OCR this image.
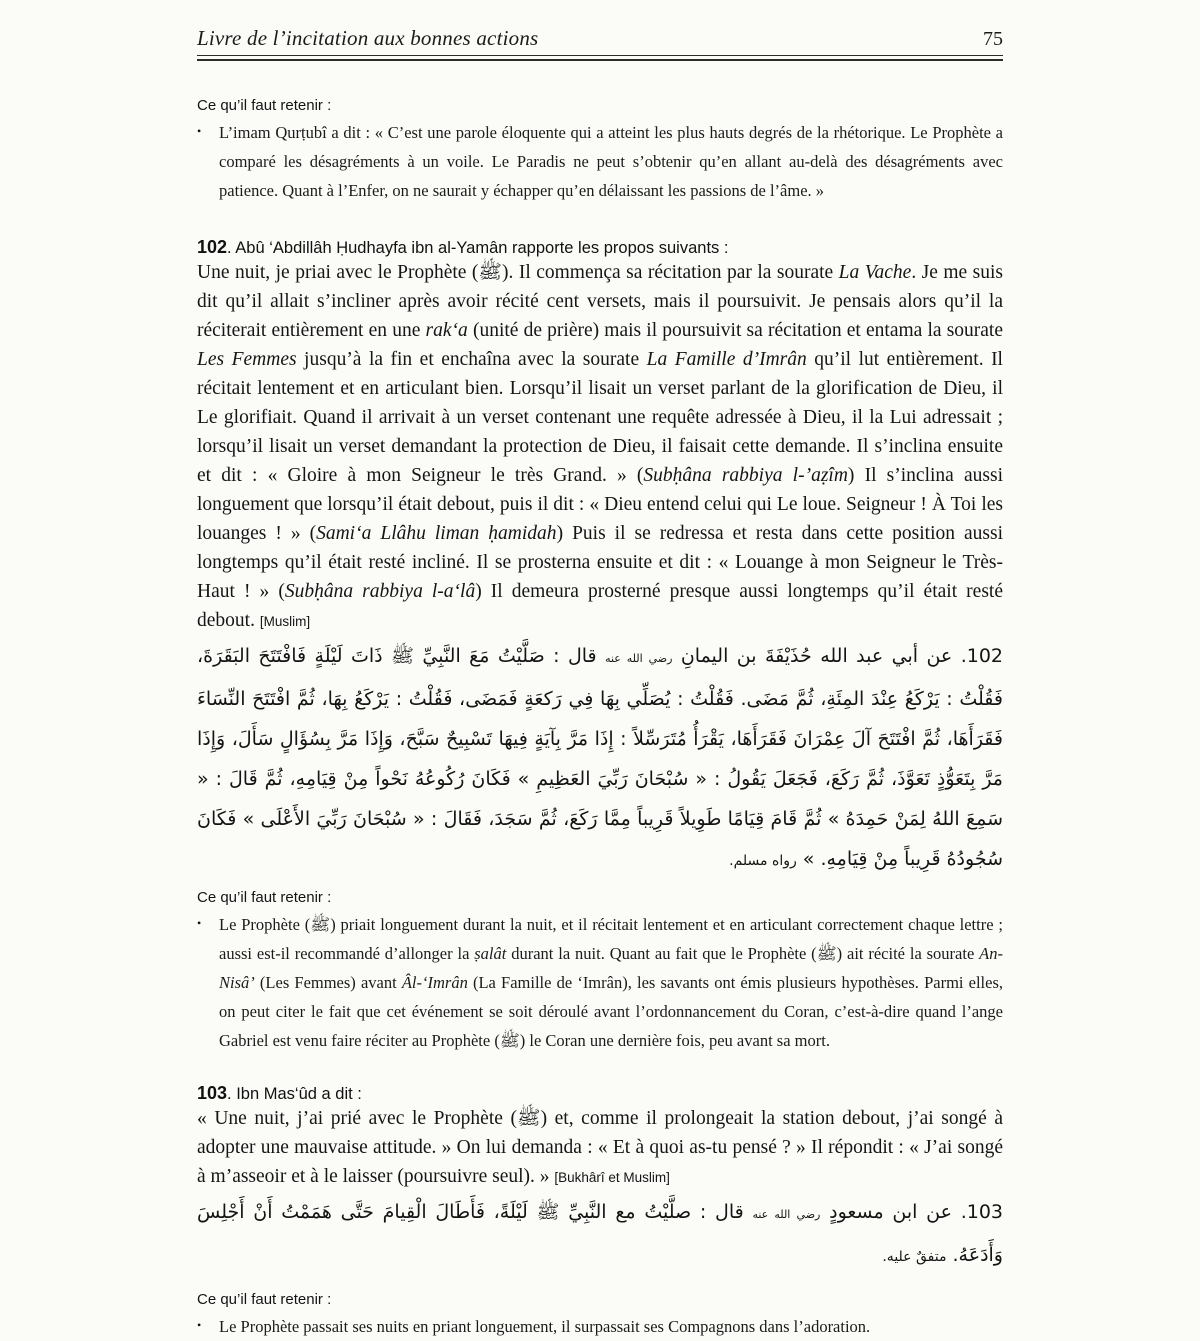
Livre de l’incitation aux bonnes actions	75
Ce qu’il faut retenir :
•	L’imam Qurṭubî a dit : « C’est une parole éloquente qui a atteint les plus hauts degrés de la rhétorique. Le Prophète a comparé les désagréments à un voile. Le Paradis ne peut s’obtenir qu’en allant au-delà des désagréments avec patience. Quant à l’Enfer, on ne saurait y échapper qu’en délaissant les passions de l’âme. »

102. Abû ‘Abdillâh Ḥudhayfa ibn al-Yamân rapporte les propos suivants :

Une nuit, je priai avec le Prophète (ﷺ). Il commença sa récitation par la sourate La Vache. Je me suis dit qu’il allait s’incliner après avoir récité cent versets, mais il poursuivit. Je pensais alors qu’il la réciterait entièrement en une rak‘a (unité de prière) mais il poursuivit sa récitation et entama la sourate Les Femmes jusqu’à la fin et enchaîna avec la sourate La Famille d’Imrân qu’il lut entièrement. Il récitait lentement et en articulant bien. Lorsqu’il lisait un verset parlant de la glorification de Dieu, il Le glorifiait. Quand il arrivait à un verset contenant une requête adressée à Dieu, il la Lui adressait ; lorsqu’il lisait un verset demandant la protection de Dieu, il faisait cette demande. Il s’inclina ensuite et dit : « Gloire à mon Seigneur le très Grand. » (Subḥâna rabbiya l-’aẓîm) Il s’inclina aussi longuement que lorsqu’il était debout, puis il dit : « Dieu entend celui qui Le loue. Seigneur ! À Toi les louanges ! » (Sami‘a Llâhu liman ḥamidah) Puis il se redressa et resta dans cette position aussi longtemps qu’il était resté incliné. Il se prosterna ensuite et dit : « Louange à mon Seigneur le Très-Haut ! » (Subḥâna rabbiya l-a‘lâ) Il demeura prosterné presque aussi longtemps qu’il était resté debout. [Muslim]

102. عن أبي عبد الله حُذَيْفَةَ بن اليمانِ رضي الله عنه قال : صَلَّيْتُ مَعَ النَّبِيِّ ﷺ ذَاتَ لَيْلَةٍ فَافْتَتَحَ البَقَرَةَ، فَقُلْتُ : يَرْكَعُ عِنْدَ المِئَةِ، ثُمَّ مَضَى. فَقُلْتُ : يُصَلِّي بِهَا فِي رَكعَةٍ فَمَضَى، فَقُلْتُ : يَرْكَعُ بِهَا، ثُمَّ افْتَتَحَ النِّسَاءَ فَقَرَأَهَا، ثُمَّ افْتَتَحَ آلَ عِمْرَانَ فَقَرَأَهَا، يَقْرَأُ مُتَرَسِّلاً : إِذَا مَرَّ بِآيَةٍ فِيهَا تَسْبِيحٌ سَبَّحَ، وَإِذَا مَرَّ بِسُؤَالٍ سَأَلَ، وَإِذَا مَرَّ بِتَعَوُّذٍ تَعَوَّذَ، ثُمَّ رَكَعَ، فَجَعَلَ يَقُولُ : « سُبْحَانَ رَبِّيَ العَظِيمِ » فَكَانَ رُكُوعُهُ نَحْواً مِنْ قِيَامِهِ، ثُمَّ قَالَ : « سَمِعَ اللهُ لِمَنْ حَمِدَهُ » ثُمَّ قَامَ قِيَامًا طَوِيلاً قَرِيباً مِمَّا رَكَعَ، ثُمَّ سَجَدَ، فَقَالَ : « سُبْحَانَ رَبِّيَ الأَعْلَى » فَكَانَ سُجُودُهُ قَرِيباً مِنْ قِيَامِهِ. » رواه مسلم.

Ce qu’il faut retenir :
•	Le Prophète (ﷺ) priait longuement durant la nuit, et il récitait lentement et en articulant correctement chaque lettre ; aussi est-il recommandé d’allonger la ṣalât durant la nuit. Quant au fait que le Prophète (ﷺ) ait récité la sourate An-Nisâ’ (Les Femmes) avant Âl-‘Imrân (La Famille de ‘Imrân), les savants ont émis plusieurs hypothèses. Parmi elles, on peut citer le fait que cet événement se soit déroulé avant l’ordonnancement du Coran, c’est-à-dire quand l’ange Gabriel est venu faire réciter au Prophète (ﷺ) le Coran une dernière fois, peu avant sa mort.

103. Ibn Mas‘ûd a dit :

« Une nuit, j’ai prié avec le Prophète (ﷺ) et, comme il prolongeait la station debout, j’ai songé à adopter une mauvaise attitude. » On lui demanda : « Et à quoi as-tu pensé ? » Il répondit : « J’ai songé à m’asseoir et à le laisser (poursuivre seul). » [Bukhârî et Muslim]

103. عن ابن مسعودٍ رضي الله عنه قال : صلَّيْتُ مع النَّبِيِّ ﷺ لَيْلَةً، فَأَطَالَ الْقِيامَ حَتَّى هَمَمْتُ أَنْ أَجْلِسَ وَأَدَعَهُ. متفقٌ عليه.

Ce qu’il faut retenir :
•	Le Prophète passait ses nuits en priant longuement, il surpassait ses Compagnons dans l’adoration.
